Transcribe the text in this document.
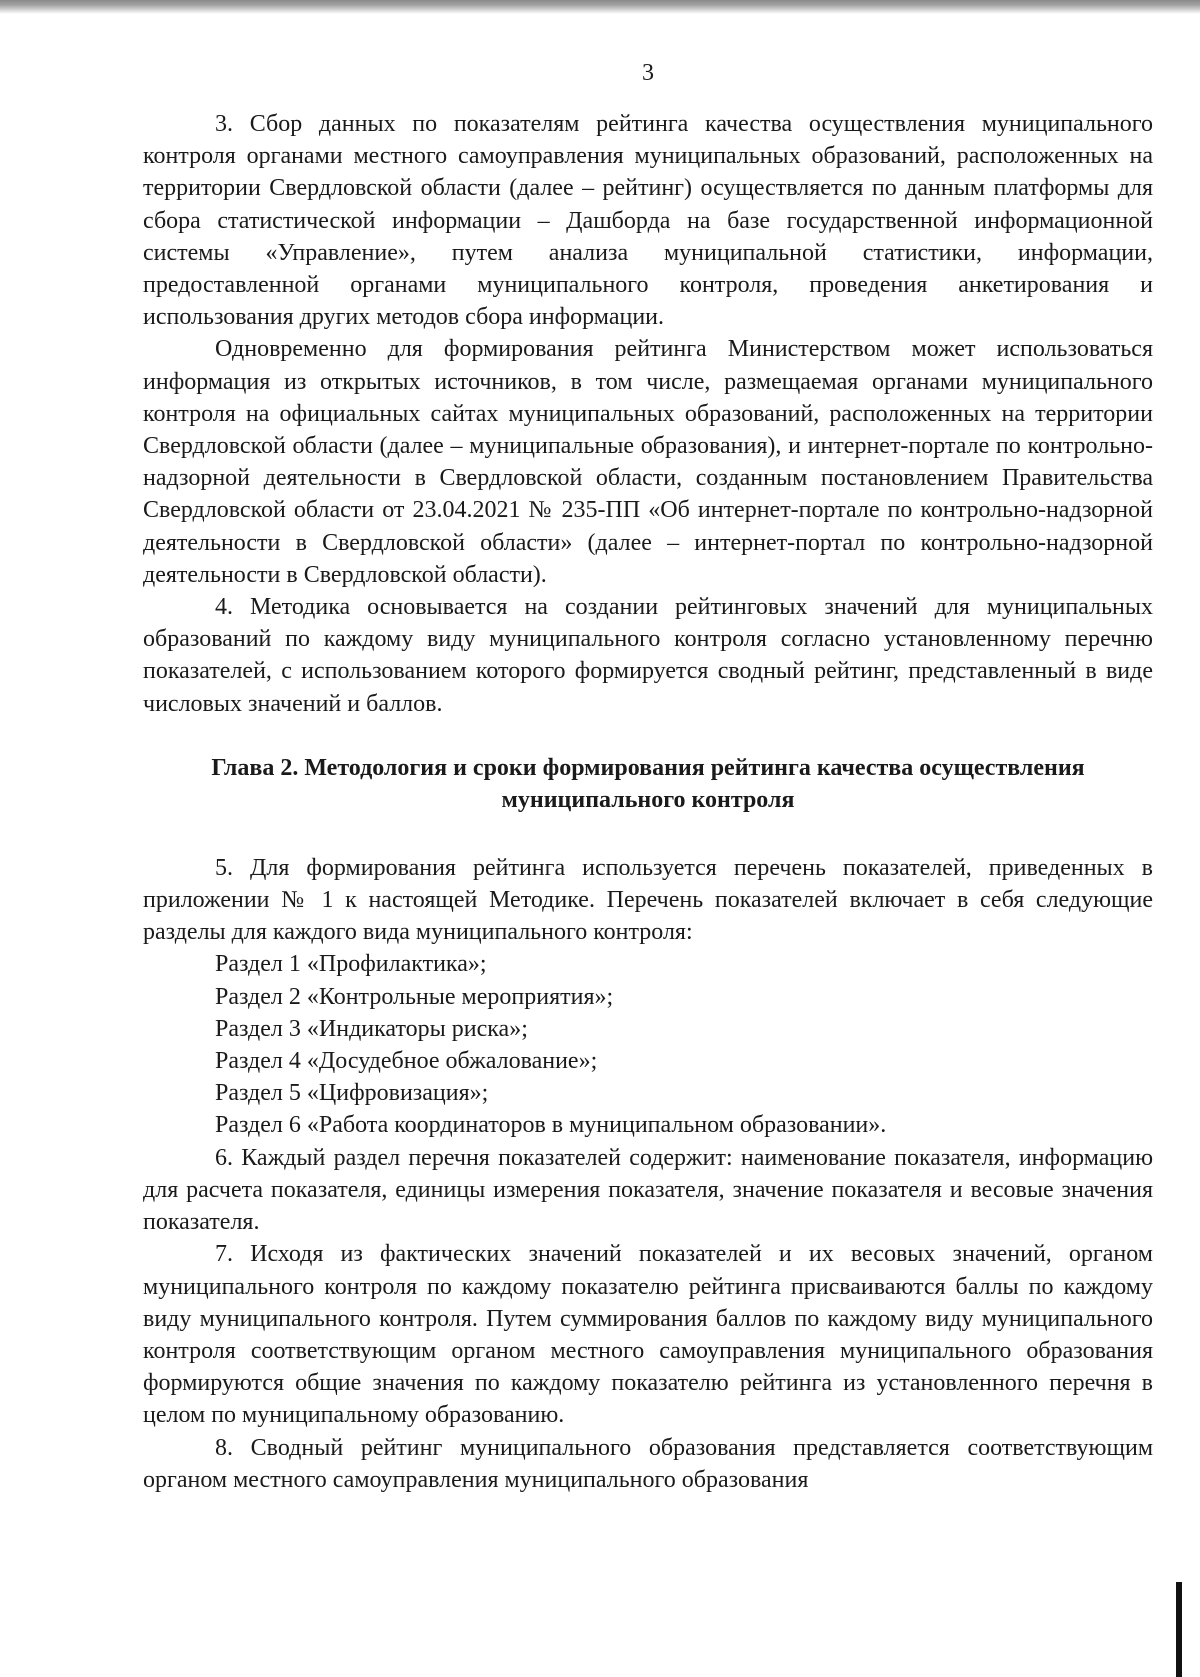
3

3. Сбор данных по показателям рейтинга качества осуществления муниципального контроля органами местного самоуправления муниципальных образований, расположенных на территории Свердловской области (далее – рейтинг) осуществляется по данным платформы для сбора статистической информации – Дашборда на базе государственной информационной системы «Управление», путем анализа муниципальной статистики, информации, предоставленной органами муниципального контроля, проведения анкетирования и использования других методов сбора информации.

Одновременно для формирования рейтинга Министерством может использоваться информация из открытых источников, в том числе, размещаемая органами муниципального контроля на официальных сайтах муниципальных образований, расположенных на территории Свердловской области (далее – муниципальные образования), и интернет-портале по контрольно-надзорной деятельности в Свердловской области, созданным постановлением Правительства Свердловской области от 23.04.2021 № 235-ПП «Об интернет-портале по контрольно-надзорной деятельности в Свердловской области» (далее – интернет-портал по контрольно-надзорной деятельности в Свердловской области).

4. Методика основывается на создании рейтинговых значений для муниципальных образований по каждому виду муниципального контроля согласно установленному перечню показателей, с использованием которого формируется сводный рейтинг, представленный в виде числовых значений и баллов.

Глава 2. Методология и сроки формирования рейтинга качества осуществления муниципального контроля

5. Для формирования рейтинга используется перечень показателей, приведенных в приложении № 1 к настоящей Методике. Перечень показателей включает в себя следующие разделы для каждого вида муниципального контроля:

Раздел 1 «Профилактика»;

Раздел 2 «Контрольные мероприятия»;

Раздел 3 «Индикаторы риска»;

Раздел 4 «Досудебное обжалование»;

Раздел 5 «Цифровизация»;

Раздел 6 «Работа координаторов в муниципальном образовании».

6. Каждый раздел перечня показателей содержит: наименование показателя, информацию для расчета показателя, единицы измерения показателя, значение показателя и весовые значения показателя.

7. Исходя из фактических значений показателей и их весовых значений, органом муниципального контроля по каждому показателю рейтинга присваиваются баллы по каждому виду муниципального контроля. Путем суммирования баллов по каждому виду муниципального контроля соответствующим органом местного самоуправления муниципального образования формируются общие значения по каждому показателю рейтинга из установленного перечня в целом по муниципальному образованию.

8. Сводный рейтинг муниципального образования представляется соответствующим органом местного самоуправления муниципального образования
